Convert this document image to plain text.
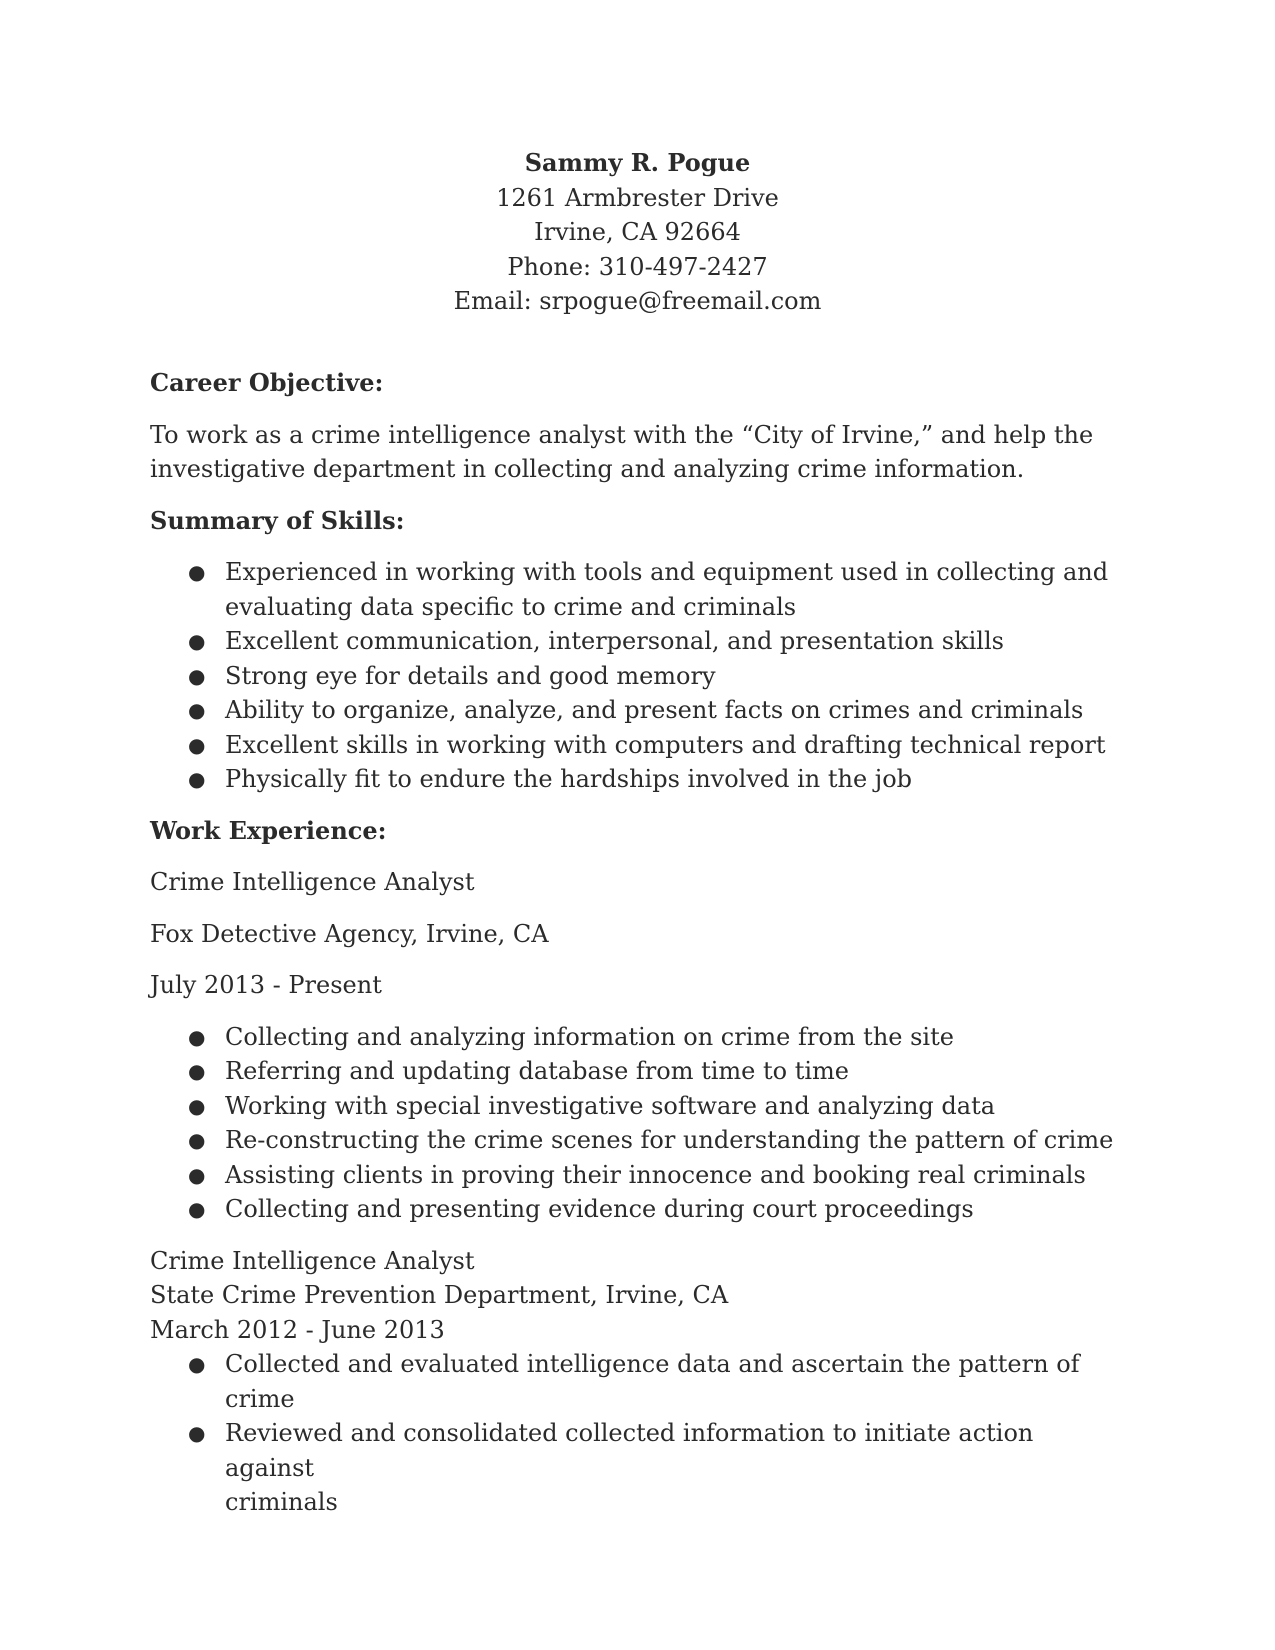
Sammy R. Pogue
1261 Armbrester Drive
Irvine, CA 92664
Phone: 310-497-2427
Email: srpogue@freemail.com

Career Objective:

To work as a crime intelligence analyst with the “City of Irvine,” and help the
investigative department in collecting and analyzing crime information.

Summary of Skills:

● Experienced in working with tools and equipment used in collecting and
evaluating data specific to crime and criminals
● Excellent communication, interpersonal, and presentation skills
● Strong eye for details and good memory
● Ability to organize, analyze, and present facts on crimes and criminals
● Excellent skills in working with computers and drafting technical report
● Physically fit to endure the hardships involved in the job

Work Experience:

Crime Intelligence Analyst
Fox Detective Agency, Irvine, CA
July 2013 - Present
● Collecting and analyzing information on crime from the site
● Referring and updating database from time to time
● Working with special investigative software and analyzing data
● Re-constructing the crime scenes for understanding the pattern of crime
● Assisting clients in proving their innocence and booking real criminals
● Collecting and presenting evidence during court proceedings
Crime Intelligence Analyst
State Crime Prevention Department, Irvine, CA
March 2012 - June 2013
● Collected and evaluated intelligence data and ascertain the pattern of crime
● Reviewed and consolidated collected information to initiate action against
criminals
